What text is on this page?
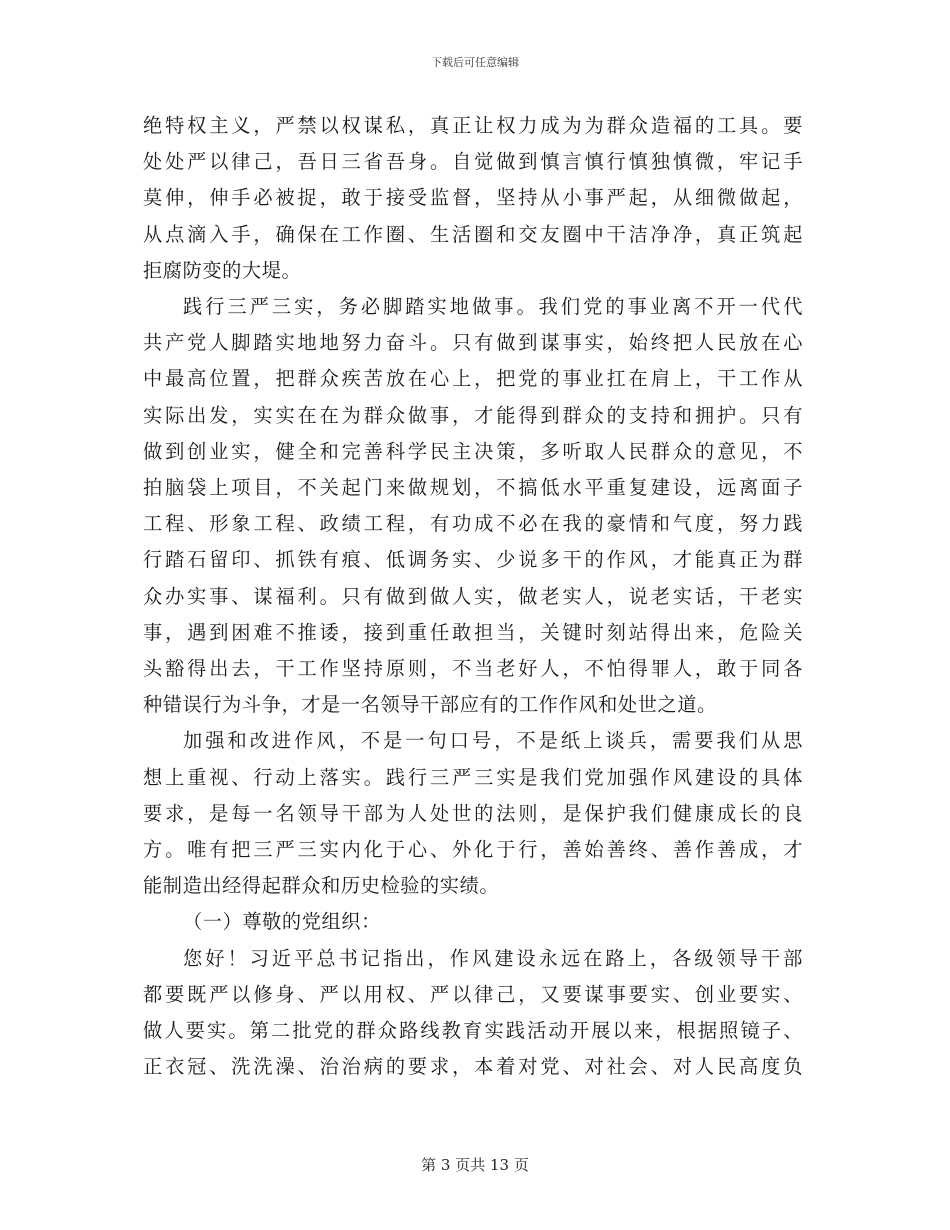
下载后可任意编辑

绝特权主义，严禁以权谋私，真正让权力成为为群众造福的工具。要
处处严以律己，吾日三省吾身。自觉做到慎言慎行慎独慎微，牢记手
莫伸，伸手必被捉，敢于接受监督，坚持从小事严起，从细微做起，
从点滴入手，确保在工作圈、生活圈和交友圈中干洁净净，真正筑起
拒腐防变的大堤。

践行三严三实，务必脚踏实地做事。我们党的事业离不开一代代
共产党人脚踏实地地努力奋斗。只有做到谋事实，始终把人民放在心
中最高位置，把群众疾苦放在心上，把党的事业扛在肩上，干工作从
实际出发，实实在在为群众做事，才能得到群众的支持和拥护。只有
做到创业实，健全和完善科学民主决策，多听取人民群众的意见，不
拍脑袋上项目，不关起门来做规划，不搞低水平重复建设，远离面子
工程、形象工程、政绩工程，有功成不必在我的豪情和气度，努力践
行踏石留印、抓铁有痕、低调务实、少说多干的作风，才能真正为群
众办实事、谋福利。只有做到做人实，做老实人，说老实话，干老实
事，遇到困难不推诿，接到重任敢担当，关键时刻站得出来，危险关
头豁得出去，干工作坚持原则，不当老好人，不怕得罪人，敢于同各
种错误行为斗争，才是一名领导干部应有的工作作风和处世之道。

加强和改进作风，不是一句口号，不是纸上谈兵，需要我们从思
想上重视、行动上落实。践行三严三实是我们党加强作风建设的具体
要求，是每一名领导干部为人处世的法则，是保护我们健康成长的良
方。唯有把三严三实内化于心、外化于行，善始善终、善作善成，才
能制造出经得起群众和历史检验的实绩。

（一）尊敬的党组织：

您好！习近平总书记指出，作风建设永远在路上，各级领导干部
都要既严以修身、严以用权、严以律己，又要谋事要实、创业要实、
做人要实。第二批党的群众路线教育实践活动开展以来，根据照镜子、
正衣冠、洗洗澡、治治病的要求，本着对党、对社会、对人民高度负

第 3 页共 13 页
